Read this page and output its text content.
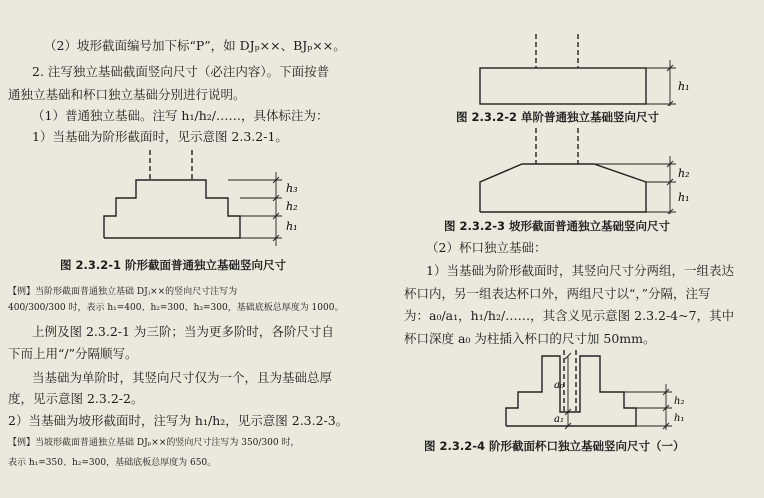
（2）坡形截面编号加下标“P”，如 DJₚ××、BJₚ××。
2. 注写独立基础截面竖向尺寸（必注内容）。下面按普
通独立基础和杯口独立基础分别进行说明。
（1）普通独立基础。注写 h₁/h₂/……，具体标注为：
1）当基础为阶形截面时，见示意图 2.3.2-1。
h₃
h₂
h₁
图 2.3.2-1 阶形截面普通独立基础竖向尺寸
【例】当阶形截面普通独立基础 DJⱼ××的竖向尺寸注写为
400/300/300 时，表示 h₁=400、h₂=300、h₃=300，基础底板总厚度为 1000。
上例及图 2.3.2-1 为三阶；当为更多阶时，各阶尺寸自
下而上用“/”分隔顺写。
当基础为单阶时，其竖向尺寸仅为一个，且为基础总厚
度，见示意图 2.3.2-2。
2）当基础为坡形截面时，注写为 h₁/h₂，见示意图 2.3.2-3。
【例】当坡形截面普通独立基础 DJₚ××的竖向尺寸注写为 350/300 时，
表示 h₁=350、h₂=300，基础底板总厚度为 650。
h₁
图 2.3.2-2 单阶普通独立基础竖向尺寸
h₂
h₁
图 2.3.2-3 坡形截面普通独立基础竖向尺寸
（2）杯口独立基础：
1）当基础为阶形截面时，其竖向尺寸分两组，一组表达
杯口内，另一组表达杯口外，两组尺寸以“，”分隔，注写
为：a₀/a₁，h₁/h₂/……，其含义见示意图 2.3.2-4~7，其中
杯口深度 a₀ 为柱插入杯口的尺寸加 50mm。
a₀
a₁
h₂
h₁
图 2.3.2-4 阶形截面杯口独立基础竖向尺寸（一）
